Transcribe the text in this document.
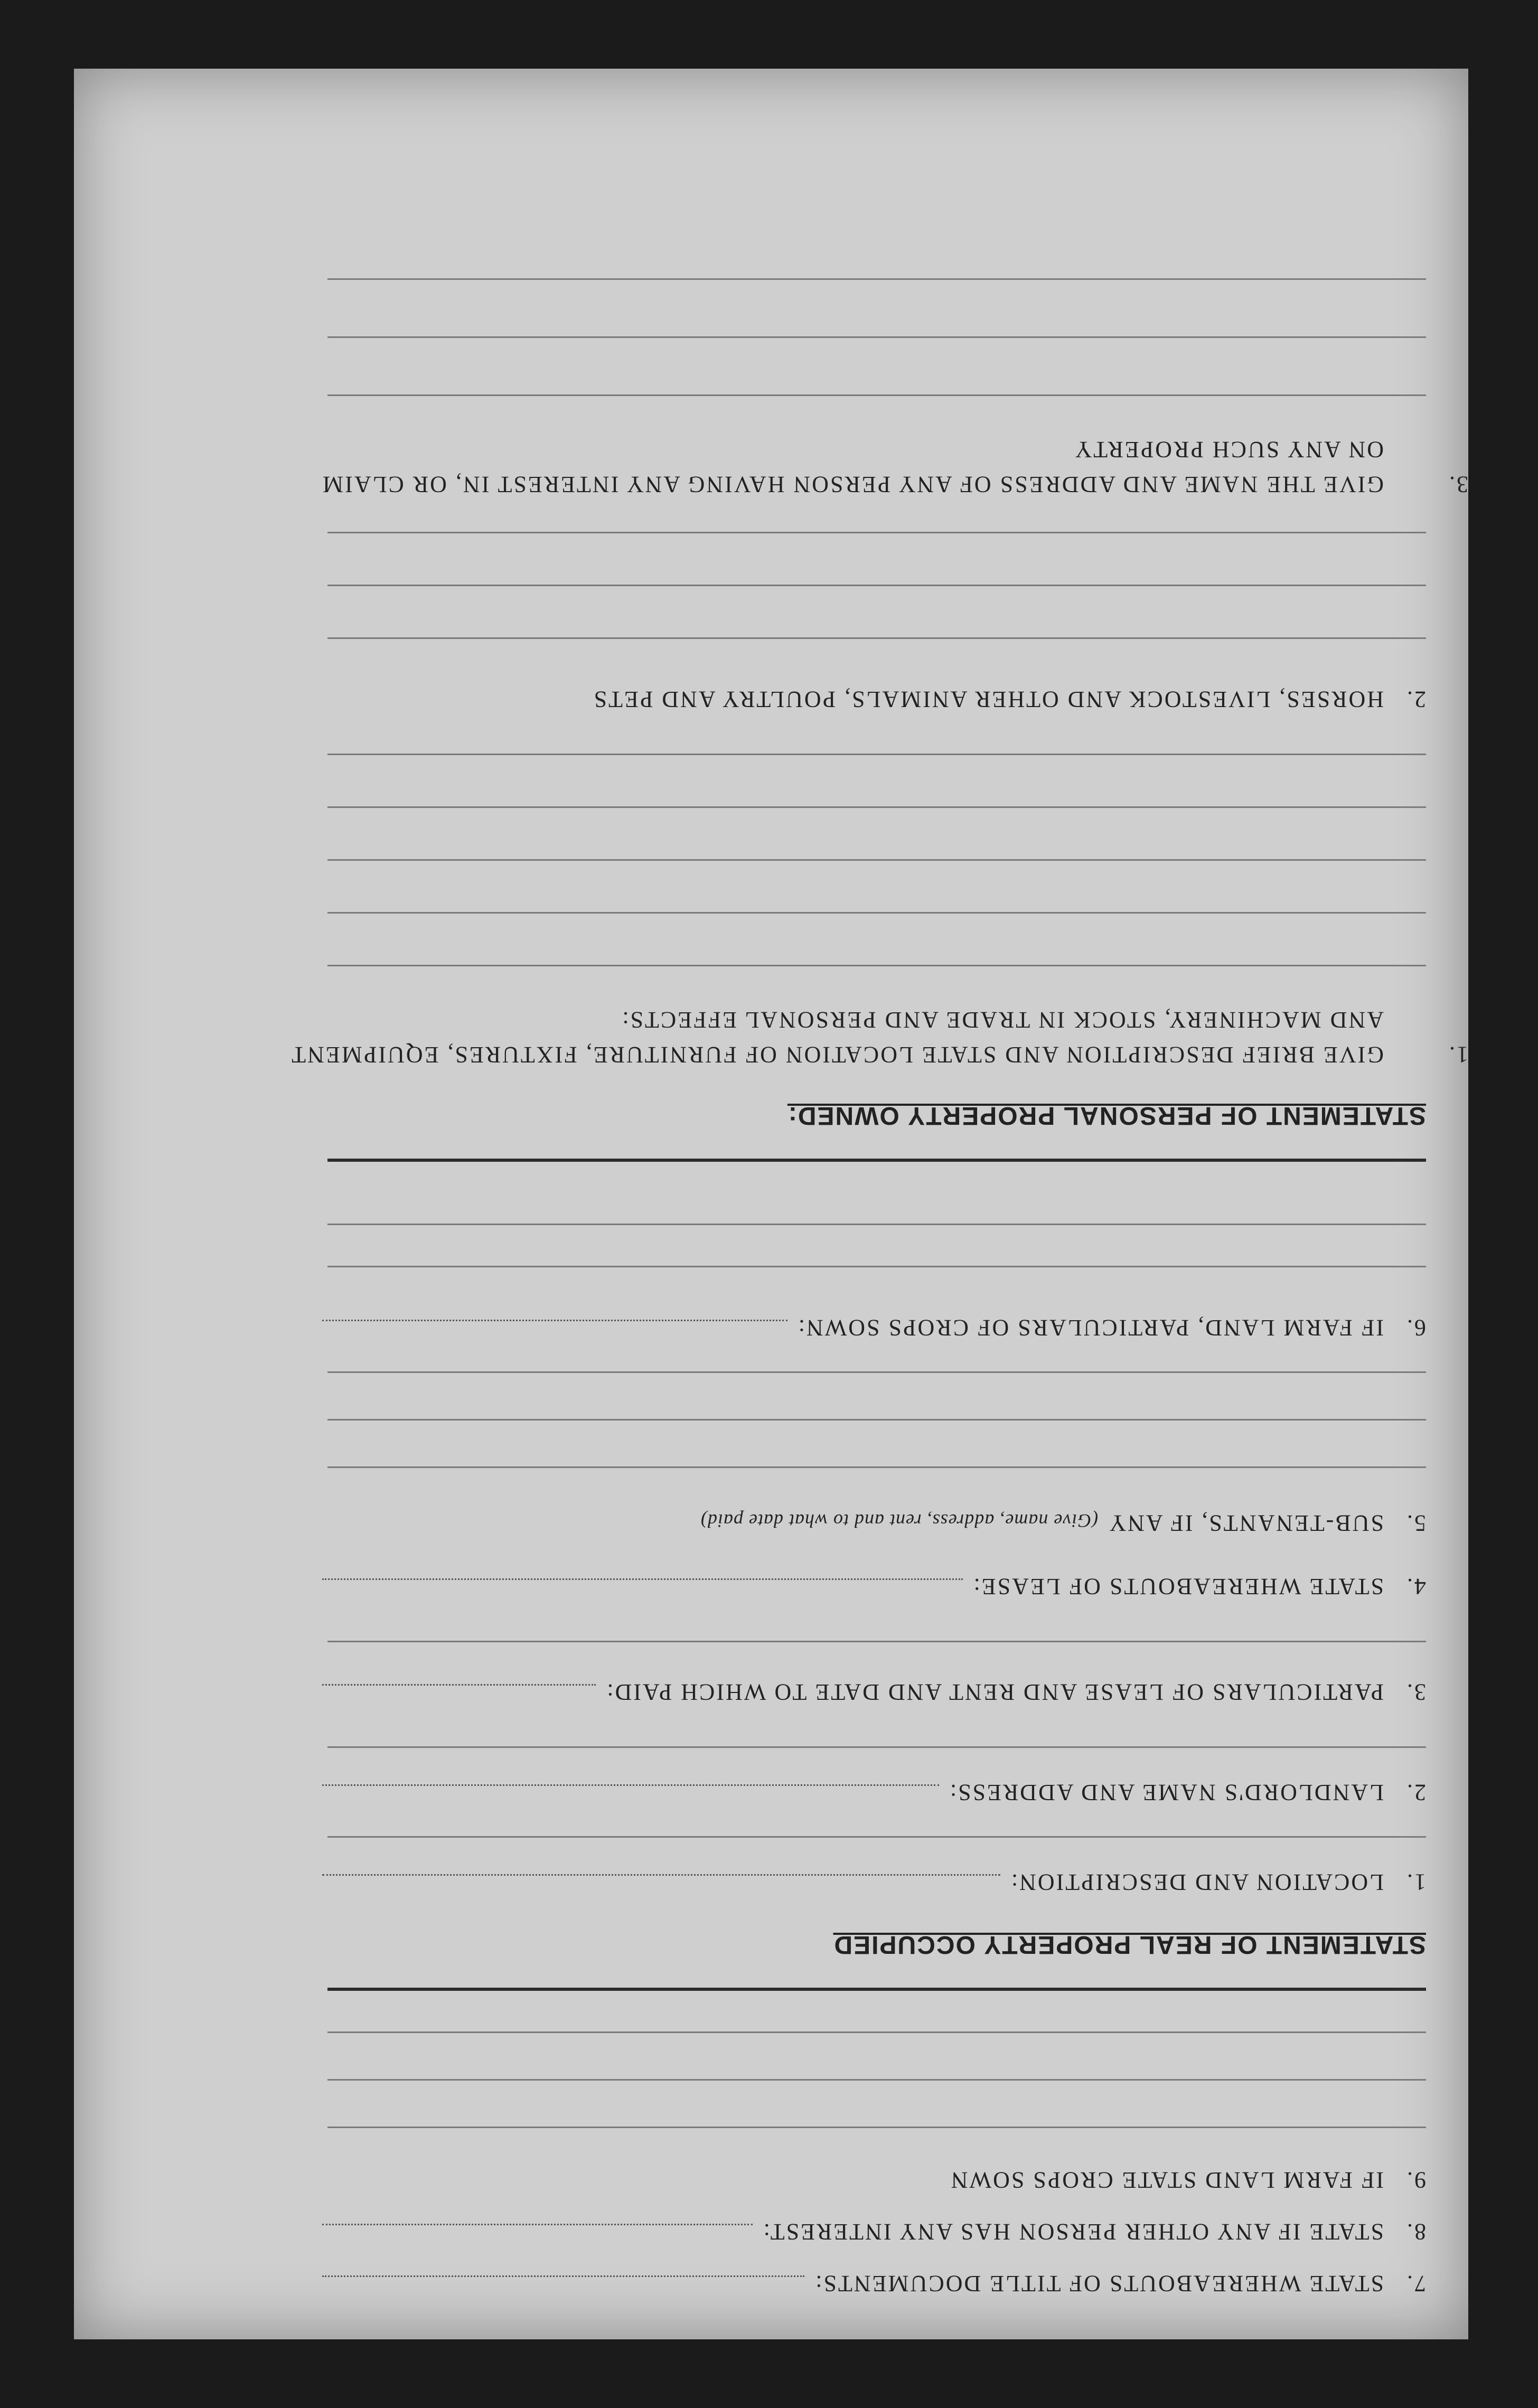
7.
STATE WHEREABOUTS OF TITLE DOCUMENTS:
8.
STATE IF ANY OTHER PERSON HAS ANY INTEREST:
9.
IF FARM LAND STATE CROPS SOWN
STATEMENT OF REAL PROPERTY OCCUPIED
1.
LOCATION AND DESCRIPTION:
2.
LANDLORD'S NAME AND ADDRESS:
3.
PARTICULARS OF LEASE AND RENT AND DATE TO WHICH PAID:
4.
STATE WHEREABOUTS OF LEASE:
5.
SUB-TENANTS, IF ANY
(Give name, address, rent and to what date paid)
6.
IF FARM LAND, PARTICULARS OF CROPS SOWN:
STATEMENT OF PERSONAL PROPERTY OWNED:
1.GIVE BRIEF DESCRIPTION AND STATE LOCATION OF FURNITURE, FIXTURES, EQUIPMENT AND MACHINERY, STOCK IN TRADE AND PERSONAL EFFECTS:
2.
HORSES, LIVESTOCK AND OTHER ANIMALS, POULTRY AND PETS
3.GIVE THE NAME AND ADDRESS OF ANY PERSON HAVING ANY INTEREST IN, OR CLAIM ON ANY SUCH PROPERTY
